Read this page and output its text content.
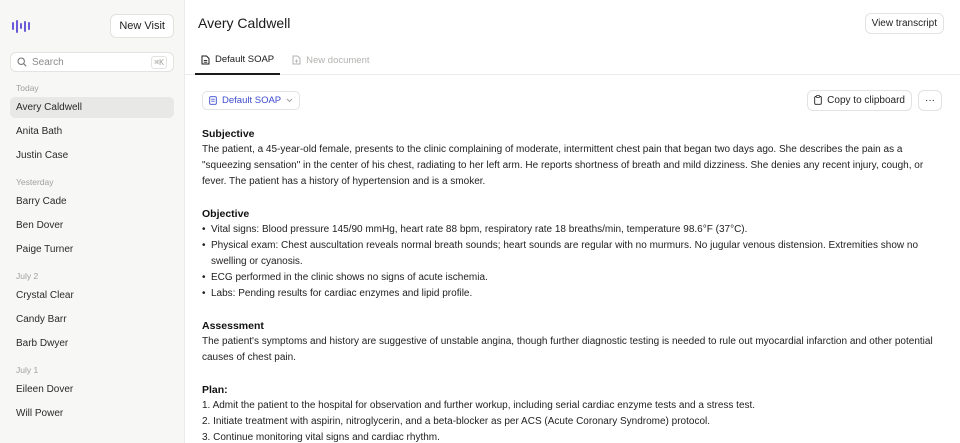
New Visit
Search
⌘K
Today
Avery Caldwell
Anita Bath
Justin Case
Yesterday
Barry Cade
Ben Dover
Paige Turner
July 2
Crystal Clear
Candy Barr
Barb Dwyer
July 1
Eileen Dover
Will Power
Avery Caldwell	View transcript
Default SOAP	New document
Default SOAP	Copy to clipboard ···
Subjective

The patient, a 45-year-old female, presents to the clinic complaining of moderate, intermittent chest pain that began two days ago. She describes the pain as a "squeezing sensation" in the center of his chest, radiating to her left arm. He reports shortness of breath and mild dizziness. She denies any recent injury, cough, or fever. The patient has a history of hypertension and is a smoker.

Objective
• Vital signs: Blood pressure 145/90 mmHg, heart rate 88 bpm, respiratory rate 18 breaths/min, temperature 98.6°F (37°C).
• Physical exam: Chest auscultation reveals normal breath sounds; heart sounds are regular with no murmurs. No jugular venous distension. Extremities show no swelling or cyanosis.
• ECG performed in the clinic shows no signs of acute ischemia.
• Labs: Pending results for cardiac enzymes and lipid profile.
Assessment

The patient's symptoms and history are suggestive of unstable angina, though further diagnostic testing is needed to rule out myocardial infarction and other potential causes of chest pain.

Plan:
1. Admit the patient to the hospital for observation and further workup, including serial cardiac enzyme tests and a stress test.
2. Initiate treatment with aspirin, nitroglycerin, and a beta-blocker as per ACS (Acute Coronary Syndrome) protocol.
3. Continue monitoring vital signs and cardiac rhythm.
